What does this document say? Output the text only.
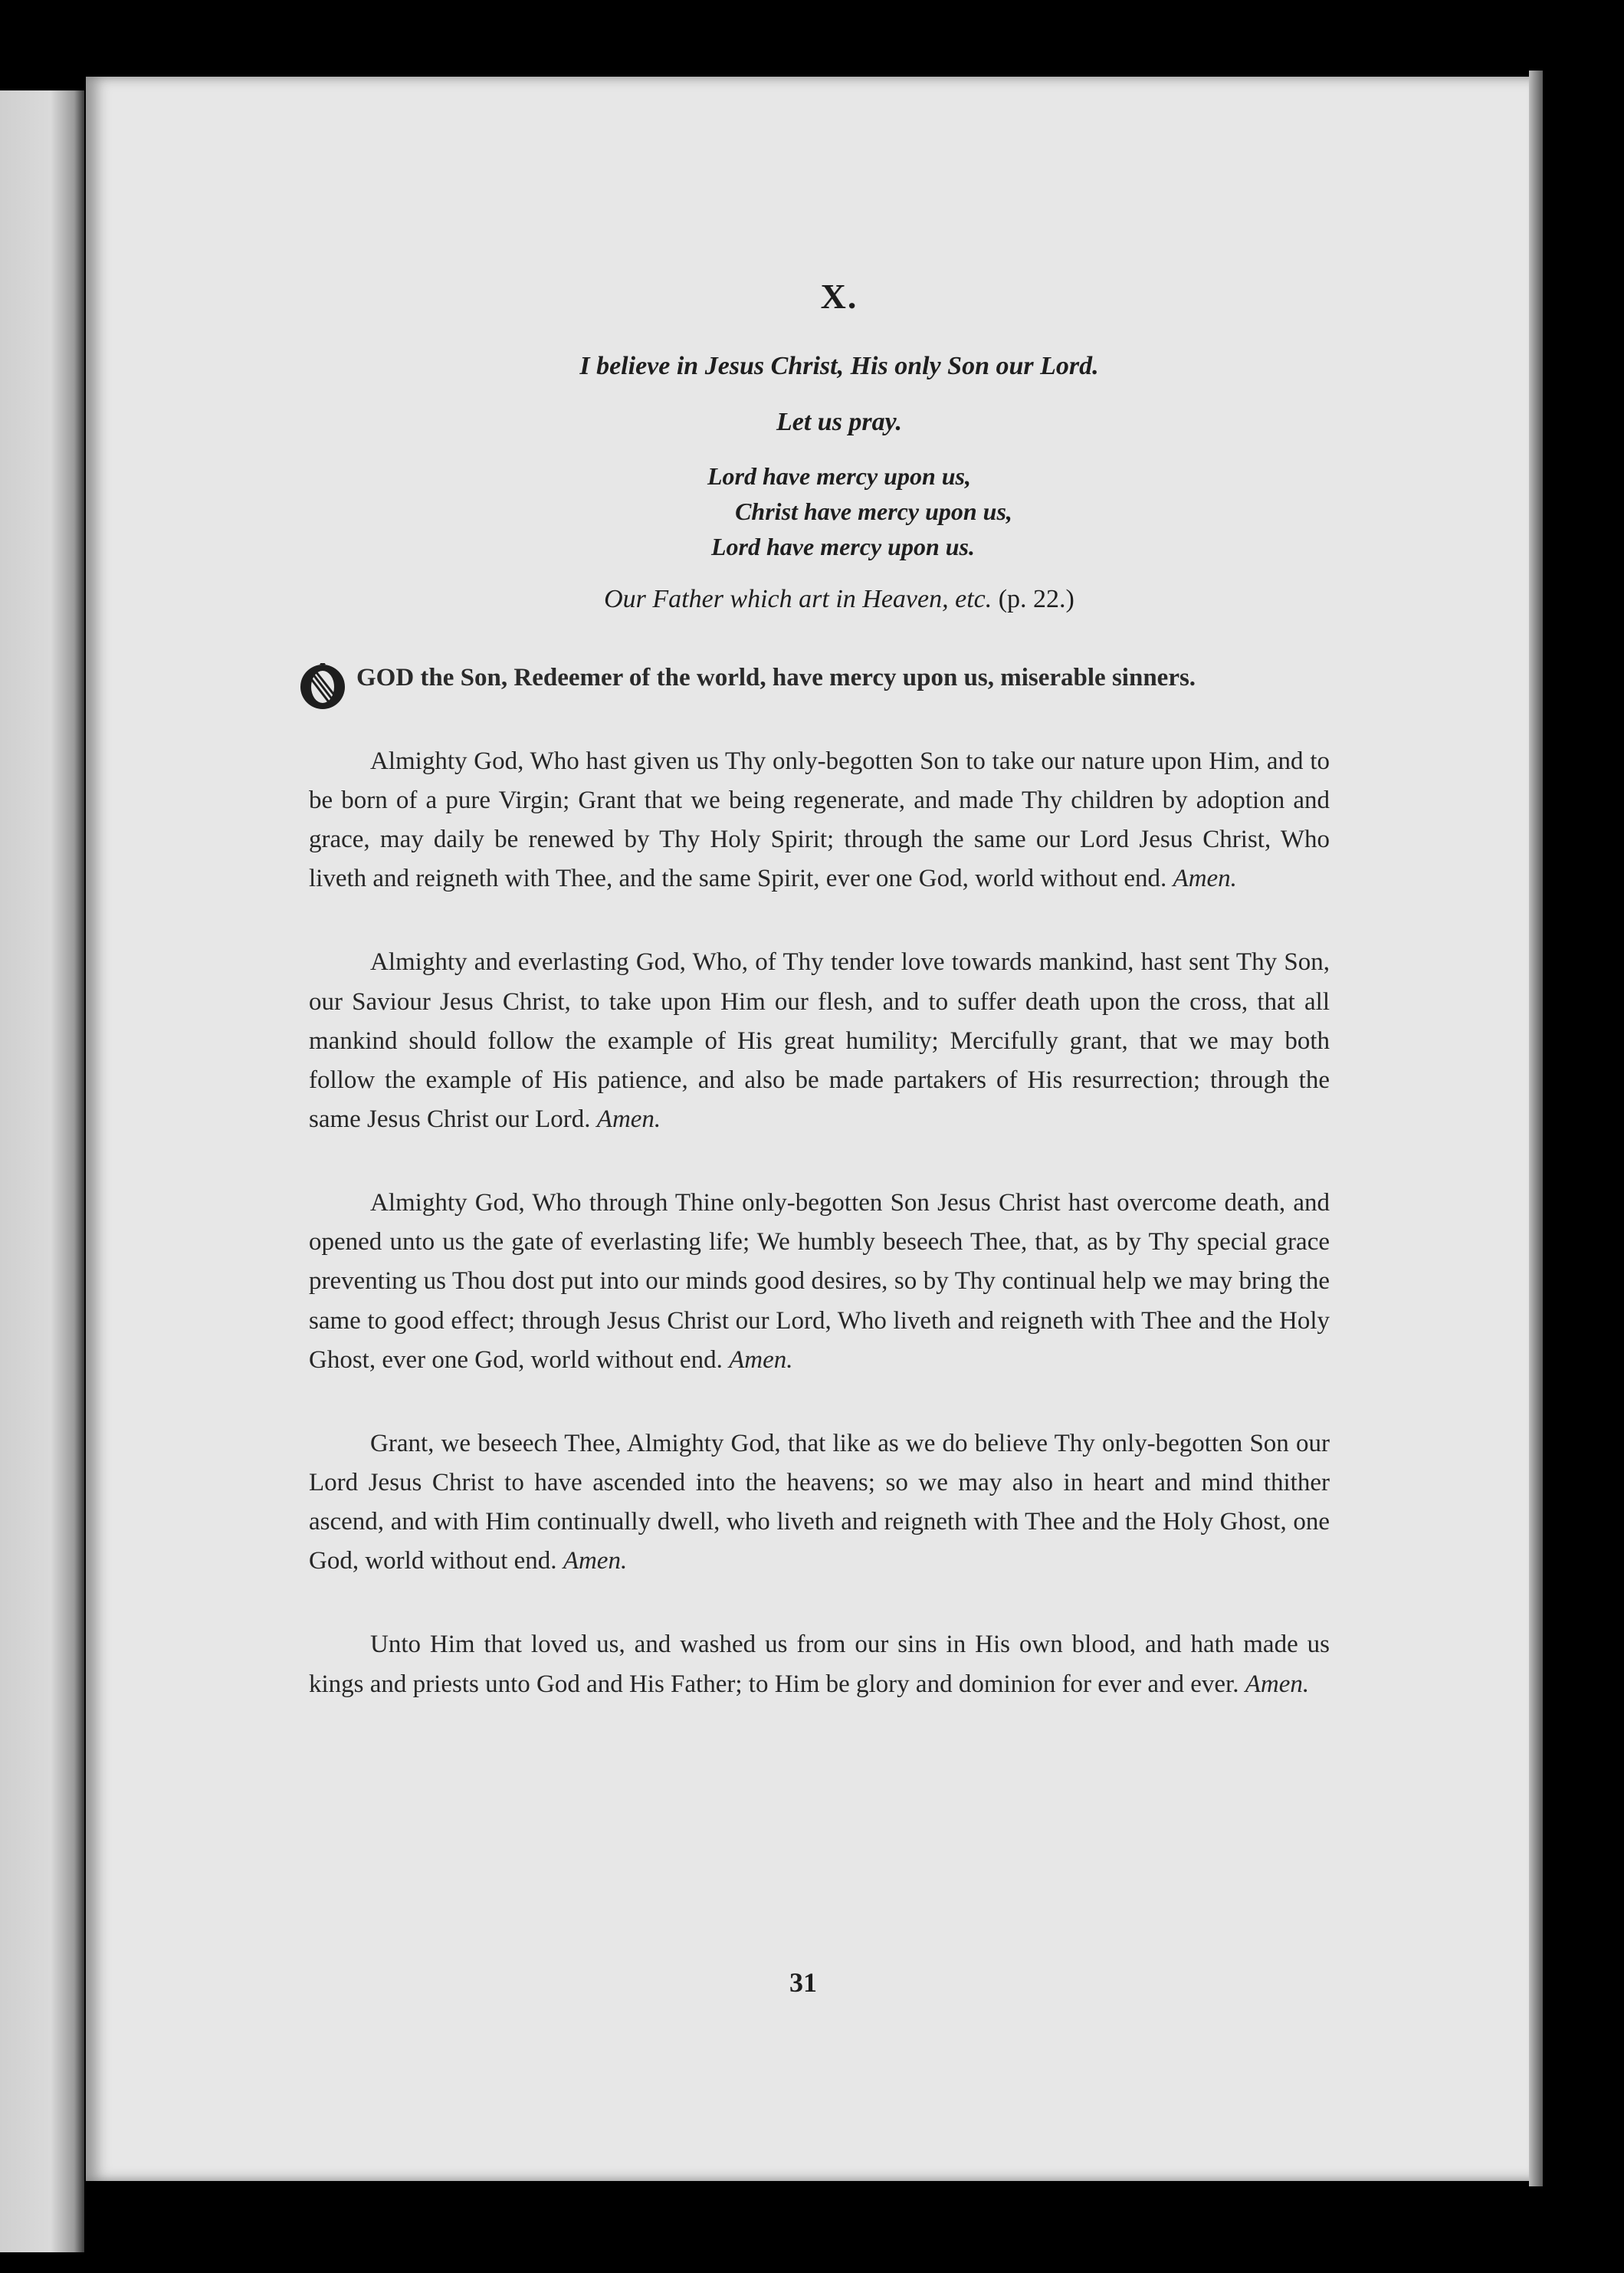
X.
I believe in Jesus Christ, His only Son our Lord.
Let us pray.
Lord have mercy upon us,
Christ have mercy upon us,
Lord have mercy upon us.
Our Father which art in Heaven, etc. (p. 22.)
GOD the Son, Redeemer of the world, have mercy upon us, miserable sinners.

Almighty God, Who hast given us Thy only-begotten Son to take our nature upon Him, and to be born of a pure Virgin; Grant that we being regenerate, and made Thy children by adoption and grace, may daily be renewed by Thy Holy Spirit; through the same our Lord Jesus Christ, Who liveth and reigneth with Thee, and the same Spirit, ever one God, world without end. Amen.

Almighty and everlasting God, Who, of Thy tender love towards mankind, hast sent Thy Son, our Saviour Jesus Christ, to take upon Him our flesh, and to suffer death upon the cross, that all mankind should follow the example of His great humility; Mercifully grant, that we may both follow the example of His patience, and also be made partakers of His resurrection; through the same Jesus Christ our Lord. Amen.

Almighty God, Who through Thine only-begotten Son Jesus Christ hast overcome death, and opened unto us the gate of everlasting life; We humbly beseech Thee, that, as by Thy special grace preventing us Thou dost put into our minds good desires, so by Thy continual help we may bring the same to good effect; through Jesus Christ our Lord, Who liveth and reigneth with Thee and the Holy Ghost, ever one God, world without end. Amen.

Grant, we beseech Thee, Almighty God, that like as we do believe Thy only-begotten Son our Lord Jesus Christ to have ascended into the heavens; so we may also in heart and mind thither ascend, and with Him continually dwell, who liveth and reigneth with Thee and the Holy Ghost, one God, world without end. Amen.

Unto Him that loved us, and washed us from our sins in His own blood, and hath made us kings and priests unto God and His Father; to Him be glory and dominion for ever and ever. Amen.

31
